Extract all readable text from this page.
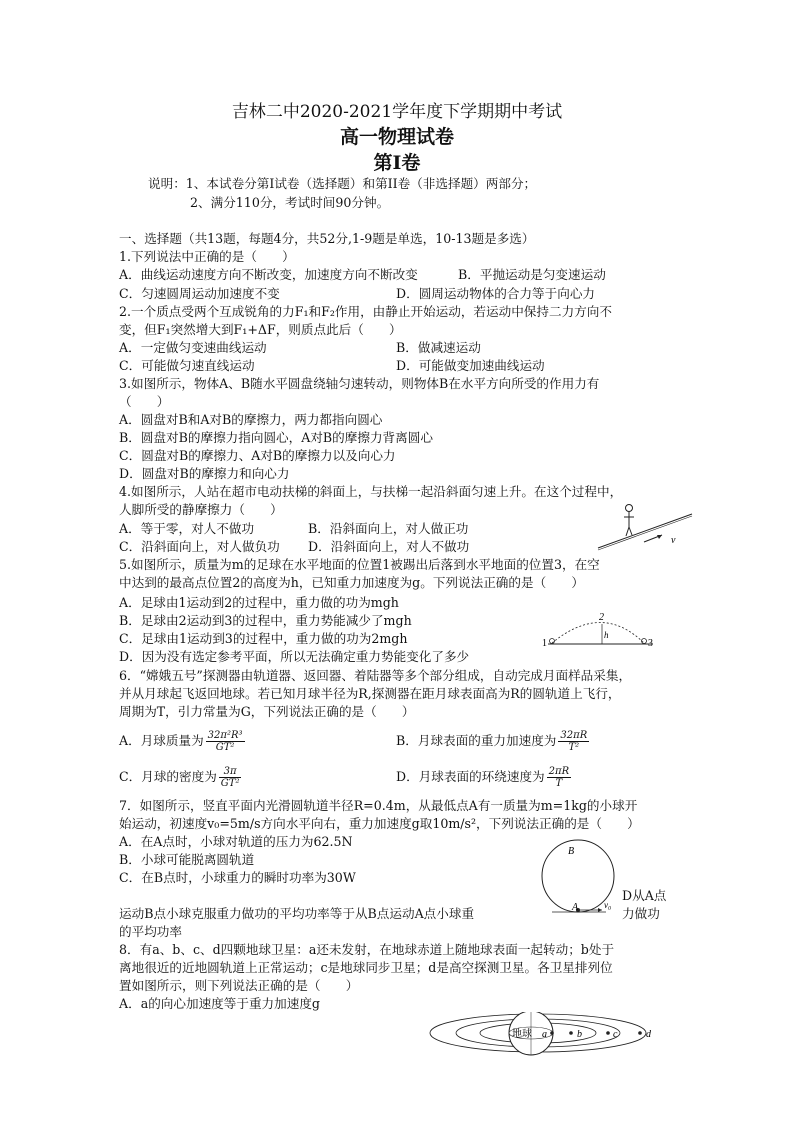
吉林二中2020-2021学年度下学期期中考试
高一物理试卷
第Ⅰ卷
说明：1、本试卷分第Ⅰ试卷（选择题）和第II卷（非选择题）两部分；
2、满分110分，考试时间90分钟。
一、选择题（共13题，每题4分，共52分,1-9题是单选，10-13题是多选）
1.下列说法中正确的是（　　）
A．曲线运动速度方向不断改变，加速度方向不断改变	B．平抛运动是匀变速运动
C．匀速圆周运动加速度不变	D．圆周运动物体的合力等于向心力
2.一个质点受两个互成锐角的力F₁和F₂作用，由静止开始运动，若运动中保持二力方向不
变，但F₁突然增大到F₁+ΔF，则质点此后（　　）
A．一定做匀变速曲线运动	B．做减速运动
C．可能做匀速直线运动	D．可能做变加速曲线运动
3.如图所示，物体A、B随水平圆盘绕轴匀速转动，则物体B在水平方向所受的作用力有
（　　）
A．圆盘对B和A对B的摩擦力，两力都指向圆心
B．圆盘对B的摩擦力指向圆心，A对B的摩擦力背离圆心
C．圆盘对B的摩擦力、A对B的摩擦力以及向心力
D．圆盘对B的摩擦力和向心力
4.如图所示，人站在超市电动扶梯的斜面上，与扶梯一起沿斜面匀速上升。在这个过程中，
人脚所受的静摩擦力（　　）
A．等于零，对人不做功	B．沿斜面向上，对人做正功
C．沿斜面向上，对人做负功 D．沿斜面向上，对人不做功	v
5.如图所示，质量为m的足球在水平地面的位置1被踢出后落到水平地面的位置3，在空
中达到的最高点位置2的高度为h，已知重力加速度为g。下列说法正确的是（　　）
A．足球由1运动到2的过程中，重力做的功为mgh
B．足球由2运动到3的过程中，重力势能减少了mgh
C．足球由1运动到3的过程中，重力做的功为2mgh
D．因为没有选定参考平面，所以无法确定重力势能变化了多少
1	3
2
h
6．“嫦娥五号”探测器由轨道器、返回器、着陆器等多个部分组成，自动完成月面样品采集，
并从月球起飞返回地球。若已知月球半径为R,探测器在距月球表面高为R的圆轨道上飞行，
周期为T，引力常量为G，下列说法正确的是（　　）
A．月球质量为 $\frac{\text{32π²R³}}{\text{GT²}}$	B．月球表面的重力加速度为 $\frac{32\pi R}{\text{T²}}$
C．月球的密度为 $\frac{3\pi}{\text{GT²}}$	D．月球表面的环绕速度为 $\frac{2\pi R}{T}$
7．如图所示，竖直平面内光滑圆轨道半径R=0.4m，从最低点A有一质量为m=1kg的小球开
始运动，初速度v₀=5m/s方向水平向右，重力加速度g取10m/s²，下列说法正确的是（　　）
A．在A点时，小球对轨道的压力为62.5N
B．小球可能脱离圆轨道
C．在B点时，小球重力的瞬时功率为30W
D从A点
运动B点小球克服重力做功的平均功率等于从B点运动A点小球重	力做功
的平均功率
A
B
v₀
8．有a、b、c、d四颗地球卫星：a还未发射，在地球赤道上随地球表面一起转动；b处于
离地很近的近地圆轨道上正常运动；c是地球同步卫星；d是高空探测卫星。各卫星排列位
置如图所示，则下列说法正确的是（　　）
A．a的向心加速度等于重力加速度g
地球 a	b	c	d
